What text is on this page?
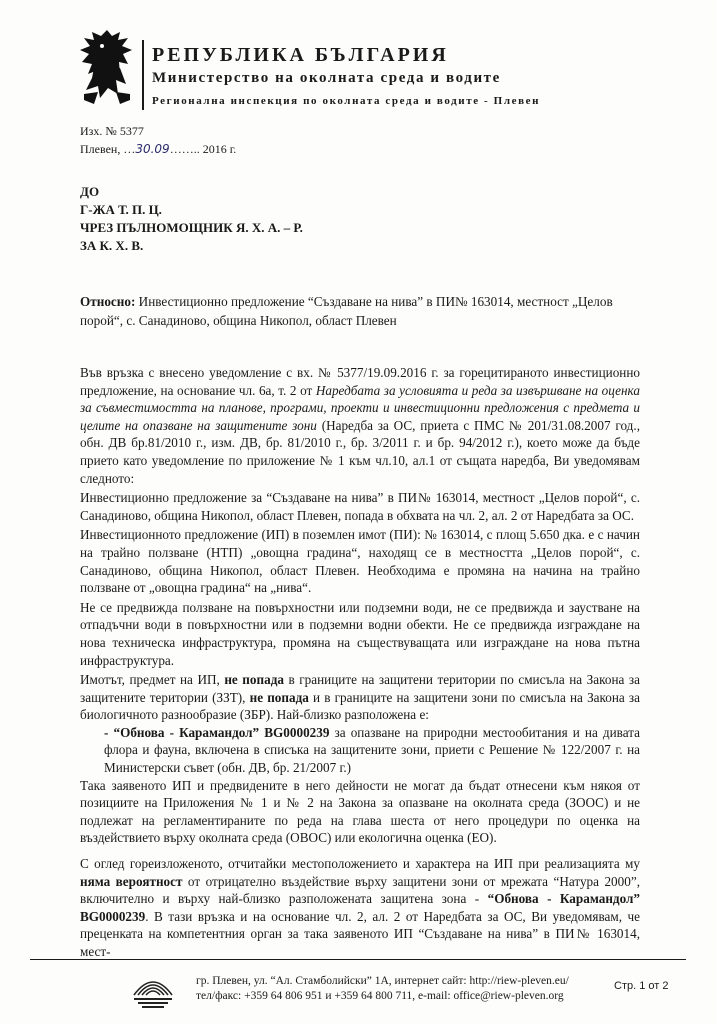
РЕПУБЛИКА БЪЛГАРИЯ
Министерство на околната среда и водите
Регионална инспекция по околната среда и водите - Плевен
Изх. № 5377
Плевен, …30.09…….. 2016 г.
ДО
Г-ЖА Т. П. Ц.
ЧРЕЗ ПЪЛНОМОЩНИК Я. Х. А. – Р.
ЗА К. Х. В.
Относно: Инвестиционно предложение “Създаване на нива” в ПИ№ 163014, местност „Целов порой“, с. Санадиново, община Никопол, област Плевен

Във връзка с внесено уведомление с вх. № 5377/19.09.2016 г. за горецитираното инвестиционно предложение, на основание чл. 6а, т. 2 от Наредбата за условията и реда за извършване на оценка за съвместимостта на планове, програми, проекти и инвестиционни предложения с предмета и целите на опазване на защитените зони (Наредба за ОС, приета с ПМС № 201/31.08.2007 год., обн. ДВ бр.81/2010 г., изм. ДВ, бр. 81/2010 г., бр. 3/2011 г. и бр. 94/2012 г.), което може да бъде прието като уведомление по приложение № 1 към чл.10, ал.1 от същата наредба, Ви уведомявам следното:

Инвестиционно предложение за “Създаване на нива” в ПИ№ 163014, местност „Целов порой“, с. Санадиново, община Никопол, област Плевен, попада в обхвата на чл. 2, ал. 2 от Наредбата за ОС.

Инвестиционното предложение (ИП) в поземлен имот (ПИ): № 163014, с площ 5.650 дка. е с начин на трайно ползване (НТП) „овощна градина“, находящ се в местността „Целов порой“, с. Санадиново, община Никопол, област Плевен. Необходима е промяна на начина на трайно ползване от „овощна градина“ на „нива“.

Не се предвижда ползване на повърхностни или подземни води, не се предвижда и заустване на отпадъчни води в повърхностни или в подземни водни обекти. Не се предвижда изграждане на нова техническа инфраструктура, промяна на съществуващата или изграждане на нова пътна инфраструктура.

Имотът, предмет на ИП, не попада в границите на защитени територии по смисъла на Закона за защитените територии (ЗЗТ), не попада и в границите на защитени зони по смисъла на Закона за биологичното разнообразие (ЗБР). Най-близко разположена е:

- “Обнова - Карамандол” BG0000239 за опазване на природни местообитания и на дивата флора и фауна, включена в списъка на защитените зони, приети с Решение № 122/2007 г. на Министерски съвет (обн. ДВ, бр. 21/2007 г.)

Така заявеното ИП и предвидените в него дейности не могат да бъдат отнесени към някоя от позициите на Приложения № 1 и № 2 на Закона за опазване на околната среда (ЗООС) и не подлежат на регламентираните по реда на глава шеста от него процедури по оценка на въздействието върху околната среда (ОВОС) или екологична оценка (ЕО).

С оглед гореизложеното, отчитайки местоположението и характера на ИП при реализацията му няма вероятност от отрицателно въздействие върху защитени зони от мрежата “Натура 2000”, включително и върху най-близко разположената защитена зона - “Обнова - Карамандол” BG0000239. В тази връзка и на основание чл. 2, ал. 2 от Наредбата за ОС, Ви уведомявам, че преценката на компетентния орган за така заявеното ИП “Създаване на нива” в ПИ№ 163014, мест-

гр. Плевен, ул. “Ал. Стамболийски” 1А, интернет сайт: http://riew-pleven.eu/
тел/факс: +359 64 806 951 и +359 64 800 711, e-mail: office@riew-pleven.org
Стр. 1 от 2
